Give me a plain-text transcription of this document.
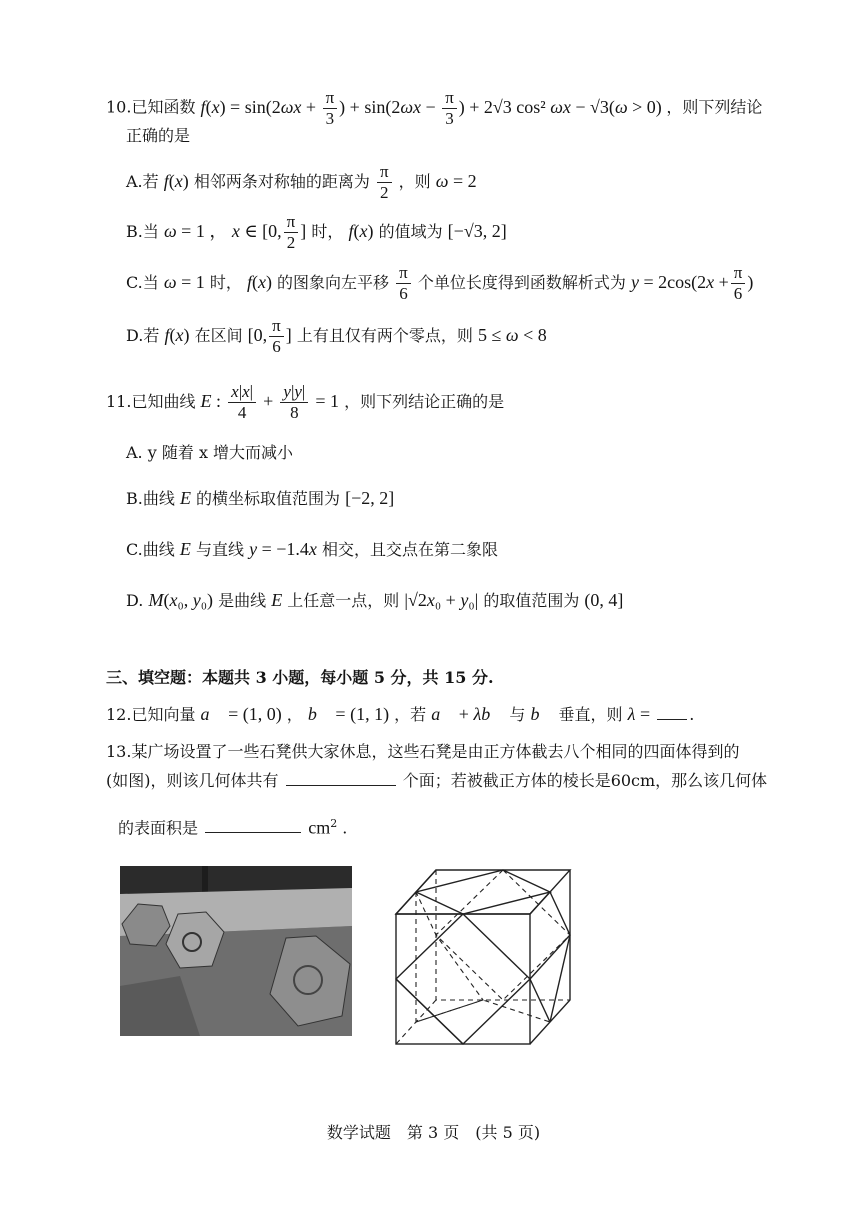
10.已知函数 $f(x) = \sin(2\omega x + \frac{\pi}{3}$ ) + $\sin(2\omega x - \frac{\pi}{3}$ ) + 2√3 cos² ωx − √3(ω > 0) ，则下列结论
正确的是
A.若 f(x) 相邻两条对称轴的距离为 $\frac{\pi}{2}$ ，则 ω = 2
B.当 ω = 1 ， x ∈ [0, $\frac{\pi}{2}$ ] 时， f(x) 的值域为 [−√3, 2]
C.当 ω = 1 时， f(x) 的图象向左平移 $\frac{\pi}{6}$ 个单位长度得到函数解析式为 $y = 2\cos(2x + \frac{\pi}{6}$ )
D.若 f(x) 在区间 [0, $\frac{\pi}{6}$ ] 上有且仅有两个零点，则 5 ≤ ω < 8
11.已知曲线 E : $\frac{x|x|}{4} + \frac{y|y|}{8} = 1$ ，则下列结论正确的是
A. y 随着 x 增大而减小
B.曲线 E 的横坐标取值范围为 [−2, 2]
C.曲线 E 与直线 y = −1.4x 相交，且交点在第二象限
D. M(x₀, y₀) 是曲线 E 上任意一点，则 |√2x₀ + y₀| 的取值范围为 (0, 4]
三、填空题：本题共 3 小题，每小题 5 分，共 15 分.
12.已知向量 a⃗ = (1, 0) ， b⃗ = (1, 1) ，若 a⃗ + λb⃗ 与 b⃗ 垂直，则 λ = .
13.某广场设置了一些石凳供大家休息，这些石凳是由正方体截去八个相同的四面体得到的
(如图)，则该几何体共有	个面；若被截正方体的棱长是60cm，那么该几何体
的表面积是	$cm^2$ .
数学试题　第 3 页　(共 5 页)
